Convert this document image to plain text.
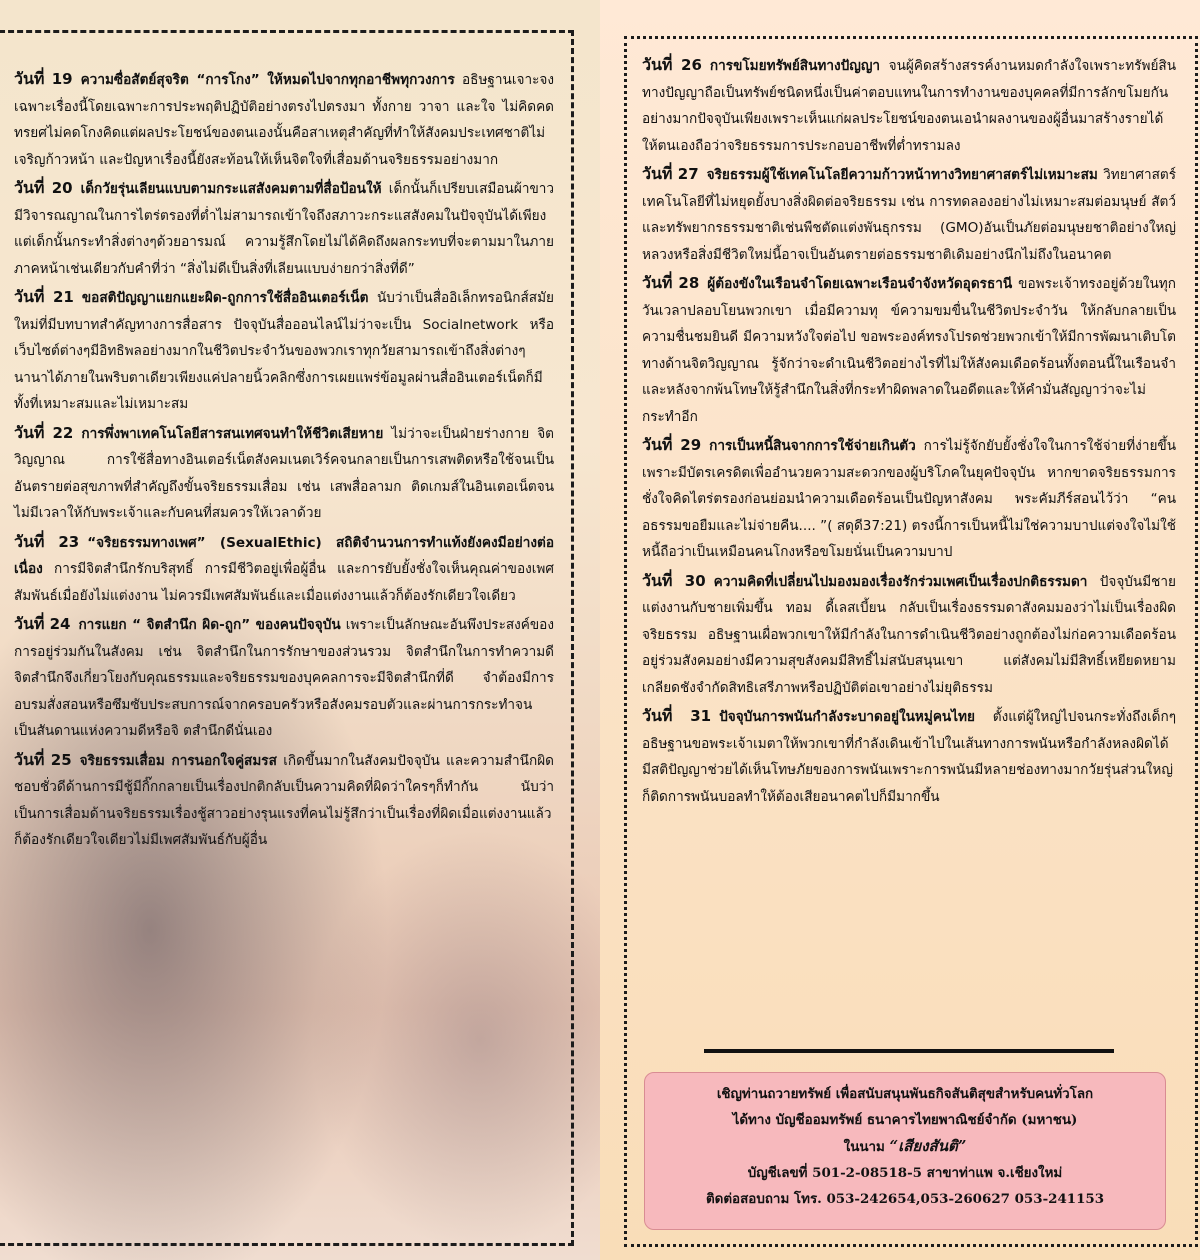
วันที่ 19 ความซื่อสัตย์สุจริต “การโกง” ให้หมดไปจากทุกอาชีพทุกวงการ อธิษฐานเจาะจงเฉพาะเรื่องนี้โดยเฉพาะการประพฤติปฏิบัติอย่างตรงไปตรงมา ทั้งกาย วาจา และใจ ไม่คิดคดทรยศไม่คดโกงคิดแต่ผลประโยชน์ของตนเองนั้นคือสาเหตุสำคัญที่ทำให้สังคมประเทศชาติไม่เจริญก้าวหน้า และปัญหาเรื่องนี้ยังสะท้อนให้เห็นจิตใจที่เสื่อมด้านจริยธรรมอย่างมาก

วันที่ 20 เด็กวัยรุ่นเลียนแบบตามกระแสสังคมตามที่สื่อป้อนให้ เด็กนั้นก็เปรียบเสมือนผ้าขาวมีวิจารณญาณในการไตร่ตรองที่ต่ำไม่สามารถเข้าใจถึงสภาวะกระแสสังคมในปัจจุบันได้เพียงแต่เด็กนั้นกระทำสิ่งต่างๆด้วยอารมณ์ ความรู้สึกโดยไม่ได้คิดถึงผลกระทบที่จะตามมาในภายภาคหน้าเช่นเดียวกับคำที่ว่า “สิ่งไม่ดีเป็นสิ่งที่เลียนแบบง่ายกว่าสิ่งที่ดี”

วันที่ 21 ขอสติปัญญาแยกแยะผิด-ถูกการใช้สื่ออินเตอร์เน็ต นับว่าเป็นสื่ออิเล็กทรอนิกส์สมัยใหม่ที่มีบทบาทสำคัญทางการสื่อสาร ปัจจุบันสื่อออนไลน์ไม่ว่าจะเป็น Socialnetwork หรือเว็บไซต์ต่างๆมีอิทธิพลอย่างมากในชีวิตประจำวันของพวกเราทุกวัยสามารถเข้าถึงสิ่งต่างๆนานาได้ภายในพริบตาเดียวเพียงแค่ปลายนิ้วคลิกซึ่งการเผยแพร่ข้อมูลผ่านสื่ออินเตอร์เน็ตก็มีทั้งที่เหมาะสมและไม่เหมาะสม

วันที่ 22 การพึ่งพาเทคโนโลยีสารสนเทศจนทำให้ชีวิตเสียหาย ไม่ว่าจะเป็นฝ่ายร่างกาย จิตวิญญาณ การใช้สื่อทางอินเตอร์เน็ตสังคมเนตเวิร์คจนกลายเป็นการเสพติดหรือใช้จนเป็นอันตรายต่อสุขภาพที่สำคัญถึงขั้นจริยธรรมเสื่อม เช่น เสพสื่อลามก ติดเกมส์ในอินเตอเน็ตจนไม่มีเวลาให้กับพระเจ้าและกับคนที่สมควรให้เวลาด้วย

วันที่ 23 “จริยธรรมทางเพศ” (SexualEthic) สถิติจำนวนการทำแท้งยังคงมีอย่างต่อเนื่อง การมีจิตสำนึกรักบริสุทธิ์ การมีชีวิตอยู่เพื่อผู้อื่น และการยับยั้งชั่งใจเห็นคุณค่าของเพศสัมพันธ์เมื่อยังไม่แต่งงาน ไม่ควรมีเพศสัมพันธ์และเมื่อแต่งงานแล้วก็ต้องรักเดียวใจเดียว

วันที่ 24 การแยก “ จิตสำนึก ผิด-ถูก” ของคนปัจจุบัน เพราะเป็นลักษณะอันพึงประสงค์ของการอยู่ร่วมกันในสังคม เช่น จิตสำนึกในการรักษาของส่วนรวม จิตสำนึกในการทำความดีจิตสำนึกจึงเกี่ยวโยงกับคุณธรรมและจริยธรรมของบุคคลการจะมีจิตสำนึกที่ดี จำต้องมีการอบรมสั่งสอนหรือซึมซับประสบการณ์จากครอบครัวหรือสังคมรอบตัวและผ่านการกระทำจนเป็นสันดานแห่งความดีหรือจิ ตสำนึกดีนั่นเอง

วันที่ 25 จริยธรรมเสื่อม การนอกใจคู่สมรส เกิดขึ้นมากในสังคมปัจจุบัน และความสำนึกผิดชอบชั่วดีด้านการมีชู้มีกิ๊กกลายเป็นเรื่องปกติกลับเป็นความคิดที่ผิดว่าใครๆก็ทำกัน นับว่าเป็นการเสื่อมด้านจริยธรรมเรื่องชู้สาวอย่างรุนแรงที่คนไม่รู้สึกว่าเป็นเรื่องที่ผิดเมื่อแต่งงานแล้วก็ต้องรักเดียวใจเดียวไม่มีเพศสัมพันธ์กับผู้อื่น

วันที่ 26 การขโมยทรัพย์สินทางปัญญา จนผู้คิดสร้างสรรค์งานหมดกำลังใจเพราะทรัพย์สินทางปัญญาถือเป็นทรัพย์ชนิดหนึ่งเป็นค่าตอบแทนในการทำงานของบุคคลที่มีการลักขโมยกันอย่างมากปัจจุบันเพียงเพราะเห็นแก่ผลประโยชน์ของตนเอนำผลงานของผู้อื่นมาสร้างรายได้ให้ตนเองถือว่าจริยธรรมการประกอบอาชีพที่ต่ำทรามลง

วันที่ 27 จริยธรรมผู้ใช้เทคโนโลยีความก้าวหน้าทางวิทยาศาสตร์ไม่เหมาะสม วิทยาศาสตร์เทคโนโลยีที่ไม่หยุดยั้งบางสิ่งผิดต่อจริยธรรม เช่น การทดลองอย่างไม่เหมาะสมต่อมนุษย์ สัตว์ และทรัพยากรธรรมชาติเช่นพืชตัดแต่งพันธุกรรม (GMO)อันเป็นภัยต่อมนุษยชาติอย่างใหญ่หลวงหรือสิ่งมีชีวิตใหม่นี้อาจเป็นอันตรายต่อธรรมชาติเดิมอย่างนึกไม่ถึงในอนาคต

วันที่ 28 ผู้ต้องขังในเรือนจำโดยเฉพาะเรือนจำจังหวัดอุดรธานี ขอพระเจ้าทรงอยู่ด้วยในทุกวันเวลาปลอบโยนพวกเขา เมื่อมีความทุ ข์ความขมขื่นในชีวิตประจำวัน ให้กลับกลายเป็นความชื่นชมยินดี มีความหวังใจต่อไป ขอพระองค์ทรงโปรดช่วยพวกเข้าให้มีการพัฒนาเติบโตทางด้านจิตวิญญาณ รู้จักว่าจะดำเนินชีวิตอย่างไรที่ไม่ให้สังคมเดือดร้อนทั้งตอนนี้ในเรือนจำและหลังจากพ้นโทษให้รู้สำนึกในสิ่งที่กระทำผิดพลาดในอดีตและให้คำมั่นสัญญาว่าจะไม่กระทำอีก

วันที่ 29 การเป็นหนี้สินจากการใช้จ่ายเกินตัว การไม่รู้จักยับยั้งชั่งใจในการใช้จ่ายที่ง่ายขึ้นเพราะมีบัตรเครดิตเพื่ออำนวยความสะดวกของผู้บริโภคในยุคปัจจุบัน หากขาดจริยธรรมการชั่งใจคิดไตร่ตรองก่อนย่อมนำความเดือดร้อนเป็นปัญหาสังคม พระคัมภีร์สอนไว้ว่า “คนอธรรมขอยืมและไม่จ่ายคืน.... ”( สดุดี37:21) ตรงนี้การเป็นหนี้ไม่ใช่ความบาปแต่จงใจไม่ใช้หนี้ถือว่าเป็นเหมือนคนโกงหรือขโมยนั่นเป็นความบาป

วันที่ 30 ความคิดที่เปลี่ยนไปมองมองเรื่องรักร่วมเพศเป็นเรื่องปกติธรรมดา ปัจจุบันมีชายแต่งงานกับชายเพิ่มขึ้น ทอม ดี้เลสเบี้ยน กลับเป็นเรื่องธรรมดาสังคมมองว่าไม่เป็นเรื่องผิดจริยธรรม อธิษฐานเผื่อพวกเขาให้มีกำลังในการดำเนินชีวิตอย่างถูกต้องไม่ก่อความเดือดร้อนอยู่ร่วมสังคมอย่างมีความสุขสังคมมีสิทธิ์ไม่สนับสนุนเขา แต่สังคมไม่มีสิทธิ์เหยียดหยามเกลียดชังจำกัดสิทธิเสรีภาพหรือปฏิบัติต่อเขาอย่างไม่ยุติธรรม

วันที่ 31 ปัจจุบันการพนันกำลังระบาดอยู่ในหมู่คนไทย ตั้งแต่ผู้ใหญ่ไปจนกระทั่งถึงเด็กๆอธิษฐานขอพระเจ้าเมตาให้พวกเขาที่กำลังเดินเข้าไปในเส้นทางการพนันหรือกำลังหลงผิดได้มีสติปัญญาช่วยได้เห็นโทษภัยของการพนันเพราะการพนันมีหลายช่องทางมากวัยรุ่นส่วนใหญ่ก็ติดการพนันบอลทำให้ต้องเสียอนาคตไปก็มีมากขึ้น

เชิญท่านถวายทรัพย์ เพื่อสนับสนุนพันธกิจสันติสุขสำหรับคนทั่วโลก
ได้ทาง บัญชีออมทรัพย์ ธนาคารไทยพาณิชย์จำกัด (มหาชน)
ในนาม “เสียงสันติ”
บัญชีเลขที่ 501-2-08518-5 สาขาท่าแพ จ.เชียงใหม่
ติดต่อสอบถาม โทร. 053-242654,053-260627 053-241153
